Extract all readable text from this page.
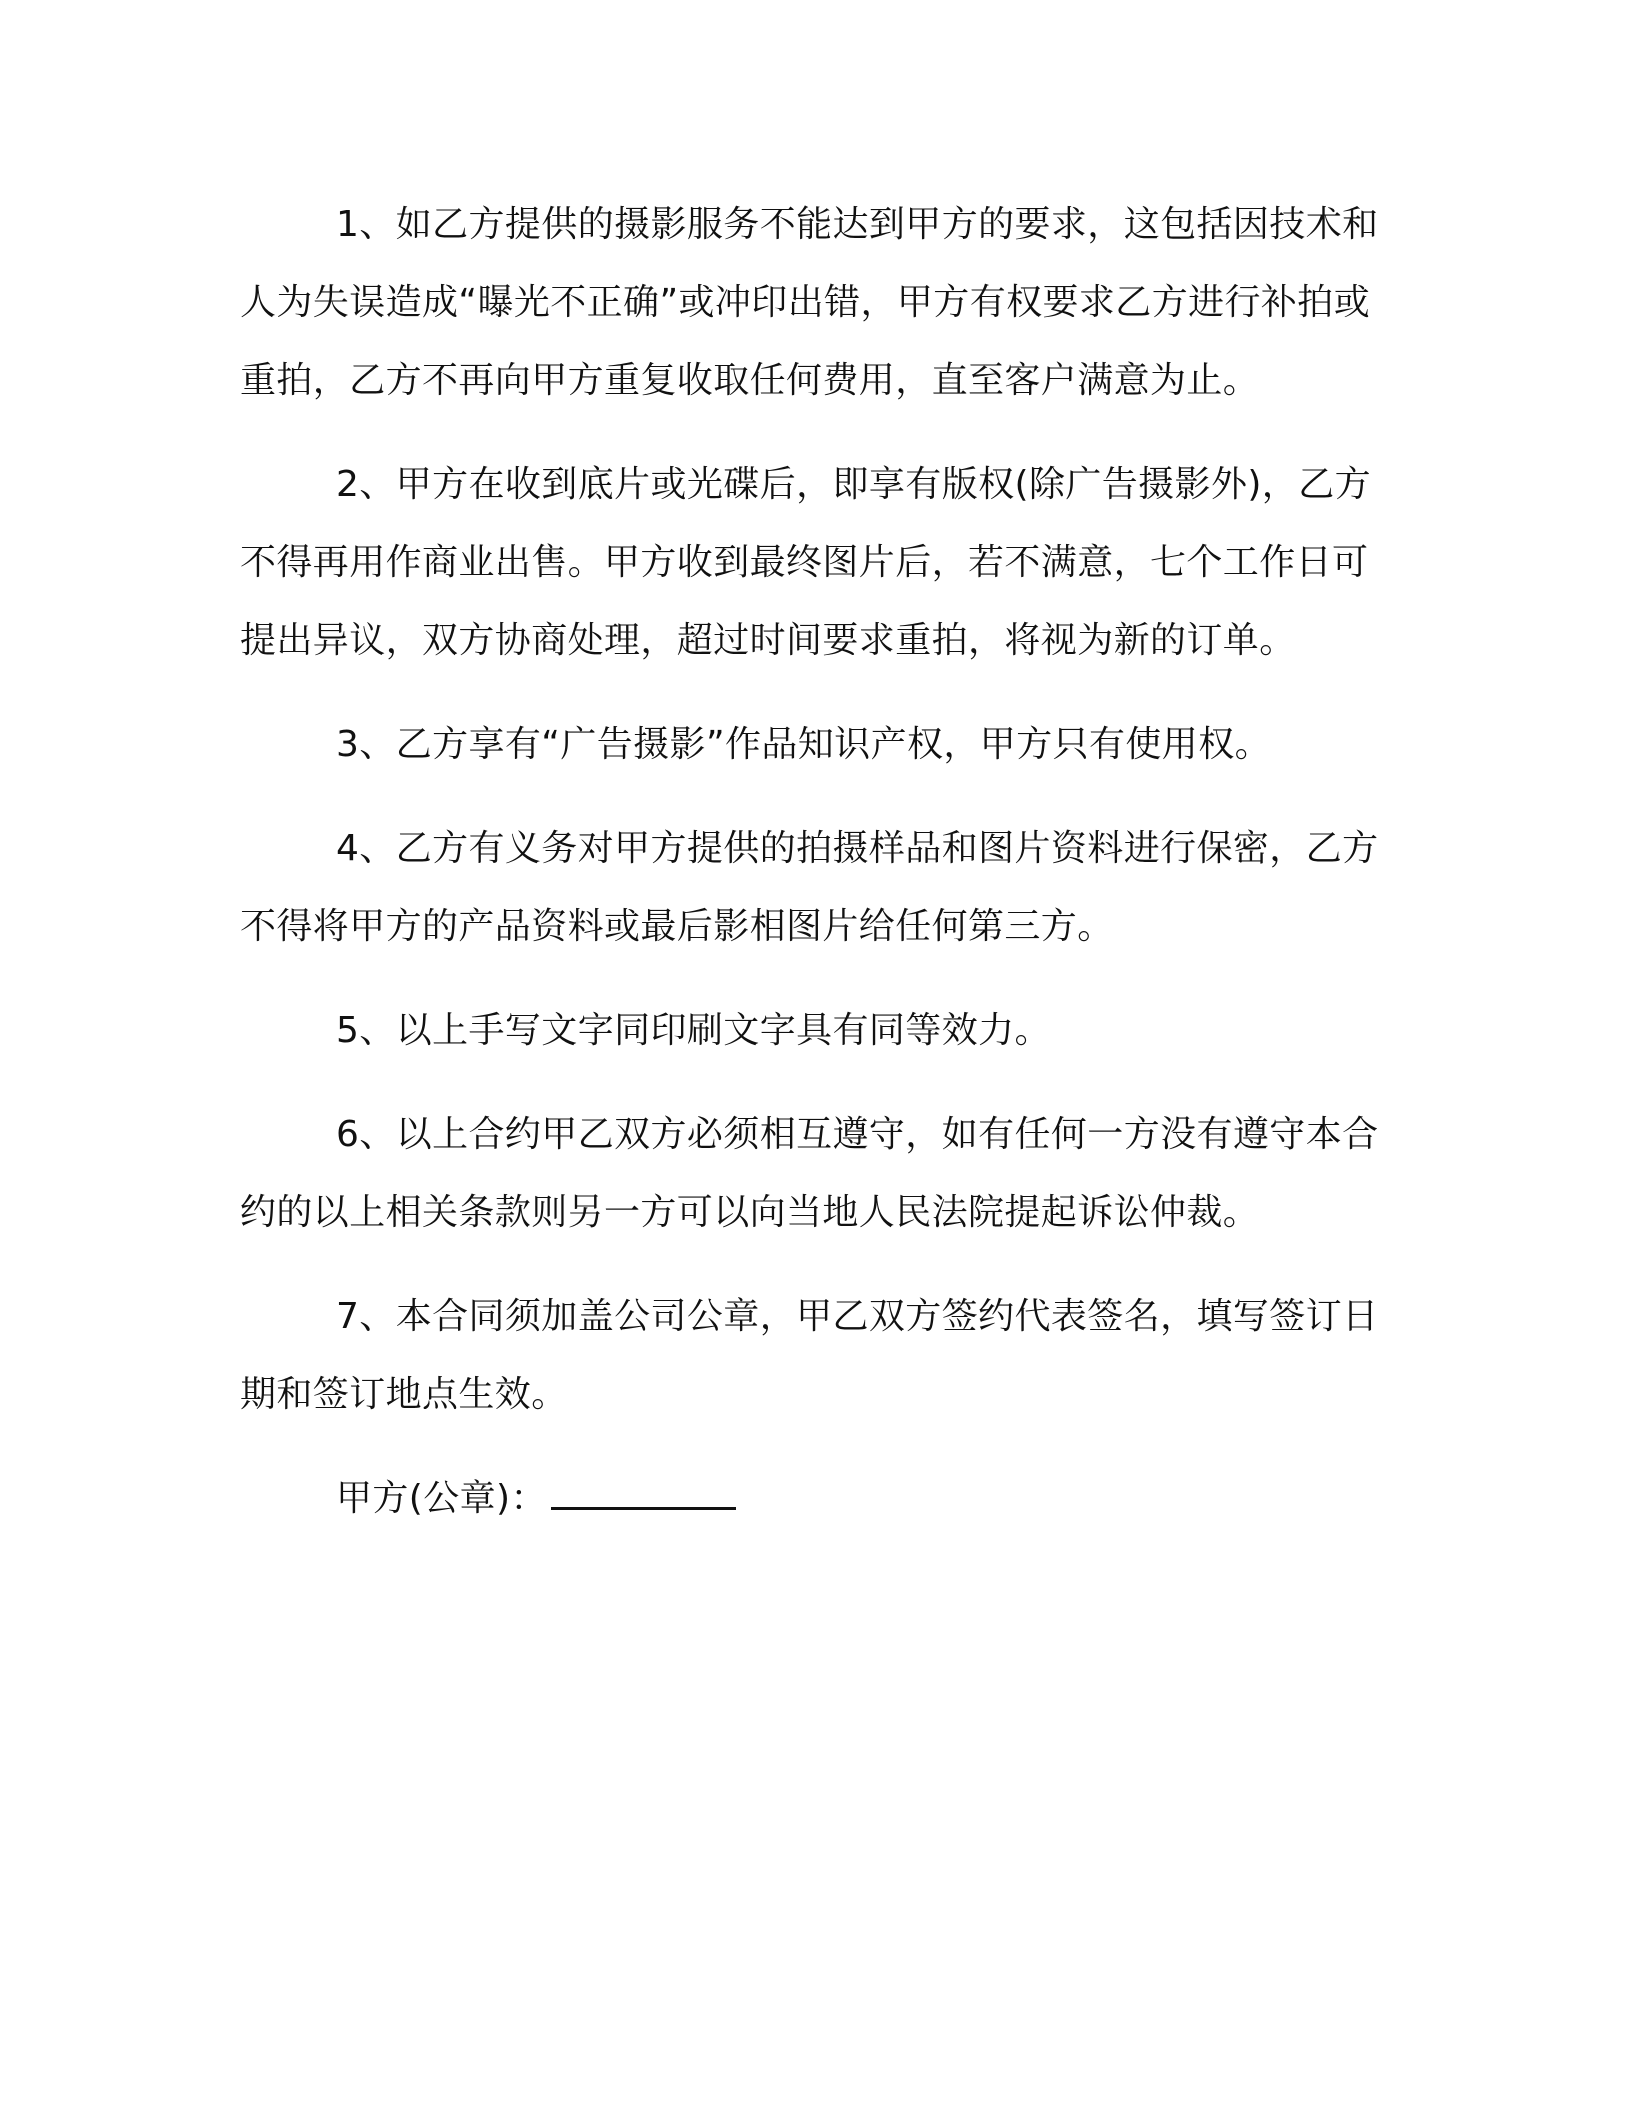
1、如乙方提供的摄影服务不能达到甲方的要求，这包括因技术和人为失误造成“曝光不正确”或冲印出错，甲方有权要求乙方进行补拍或重拍，乙方不再向甲方重复收取任何费用，直至客户满意为止。

2、甲方在收到底片或光碟后，即享有版权(除广告摄影外)，乙方不得再用作商业出售。甲方收到最终图片后，若不满意，七个工作日可提出异议，双方协商处理，超过时间要求重拍，将视为新的订单。

3、乙方享有“广告摄影”作品知识产权，甲方只有使用权。

4、乙方有义务对甲方提供的拍摄样品和图片资料进行保密，乙方不得将甲方的产品资料或最后影相图片给任何第三方。

5、以上手写文字同印刷文字具有同等效力。

6、以上合约甲乙双方必须相互遵守，如有任何一方没有遵守本合约的以上相关条款则另一方可以向当地人民法院提起诉讼仲裁。

7、本合同须加盖公司公章，甲乙双方签约代表签名，填写签订日期和签订地点生效。

甲方(公章)：
